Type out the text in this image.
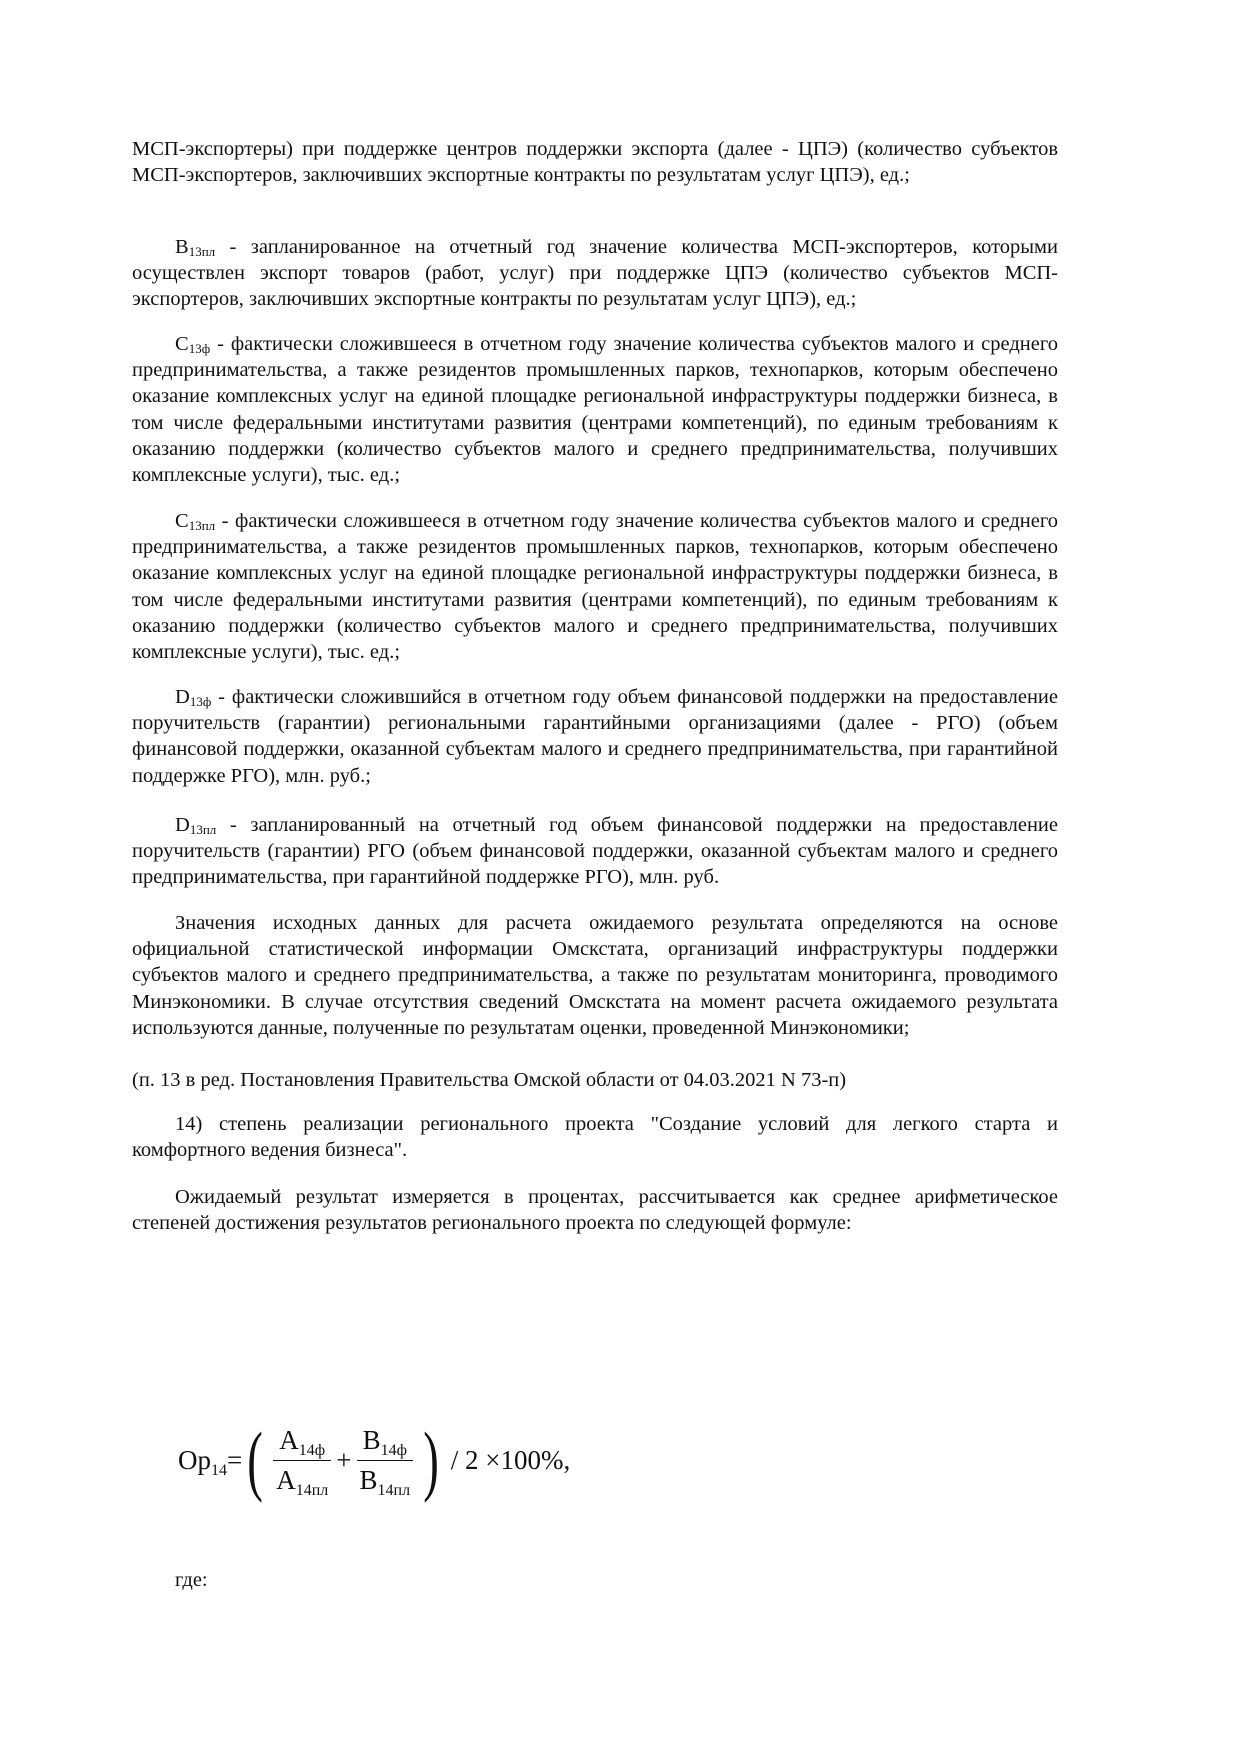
МСП-экспортеры) при поддержке центров поддержки экспорта (далее - ЦПЭ) (количество субъектов МСП-экспортеров, заключивших экспортные контракты по результатам услуг ЦПЭ), ед.;

$B_{13пл}$ - запланированное на отчетный год значение количества МСП-экспортеров, которыми осуществлен экспорт товаров (работ, услуг) при поддержке ЦПЭ (количество субъектов МСП-экспортеров, заключивших экспортные контракты по результатам услуг ЦПЭ), ед.;

$C_{13ф}$ - фактически сложившееся в отчетном году значение количества субъектов малого и среднего предпринимательства, а также резидентов промышленных парков, технопарков, которым обеспечено оказание комплексных услуг на единой площадке региональной инфраструктуры поддержки бизнеса, в том числе федеральными институтами развития (центрами компетенций), по единым требованиям к оказанию поддержки (количество субъектов малого и среднего предпринимательства, получивших комплексные услуги), тыс. ед.;

$C_{13пл}$ - фактически сложившееся в отчетном году значение количества субъектов малого и среднего предпринимательства, а также резидентов промышленных парков, технопарков, которым обеспечено оказание комплексных услуг на единой площадке региональной инфраструктуры поддержки бизнеса, в том числе федеральными институтами развития (центрами компетенций), по единым требованиям к оказанию поддержки (количество субъектов малого и среднего предпринимательства, получивших комплексные услуги), тыс. ед.;

$D_{13ф}$ - фактически сложившийся в отчетном году объем финансовой поддержки на предоставление поручительств (гарантии) региональными гарантийными организациями (далее - РГО) (объем финансовой поддержки, оказанной субъектам малого и среднего предпринимательства, при гарантийной поддержке РГО), млн. руб.;

$D_{13пл}$ - запланированный на отчетный год объем финансовой поддержки на предоставление поручительств (гарантии) РГО (объем финансовой поддержки, оказанной субъектам малого и среднего предпринимательства, при гарантийной поддержке РГО), млн. руб.

Значения исходных данных для расчета ожидаемого результата определяются на основе официальной статистической информации Омскстата, организаций инфраструктуры поддержки субъектов малого и среднего предпринимательства, а также по результатам мониторинга, проводимого Минэкономики. В случае отсутствия сведений Омскстата на момент расчета ожидаемого результата используются данные, полученные по результатам оценки, проведенной Минэкономики;

(п. 13 в ред. Постановления Правительства Омской области от 04.03.2021 N 73-п)

14) степень реализации регионального проекта "Создание условий для легкого старта и комфортного ведения бизнеса".

Ожидаемый результат измеряется в процентах, рассчитывается как среднее арифметическое степеней достижения результатов регионального проекта по следующей формуле:

$Op_{14}$ = ( $\frac{A_{14ф}}{A_{14пл}} + \frac{B_{14ф}}{B_{14пл}}$ ) / 2 ×100%,

где:
